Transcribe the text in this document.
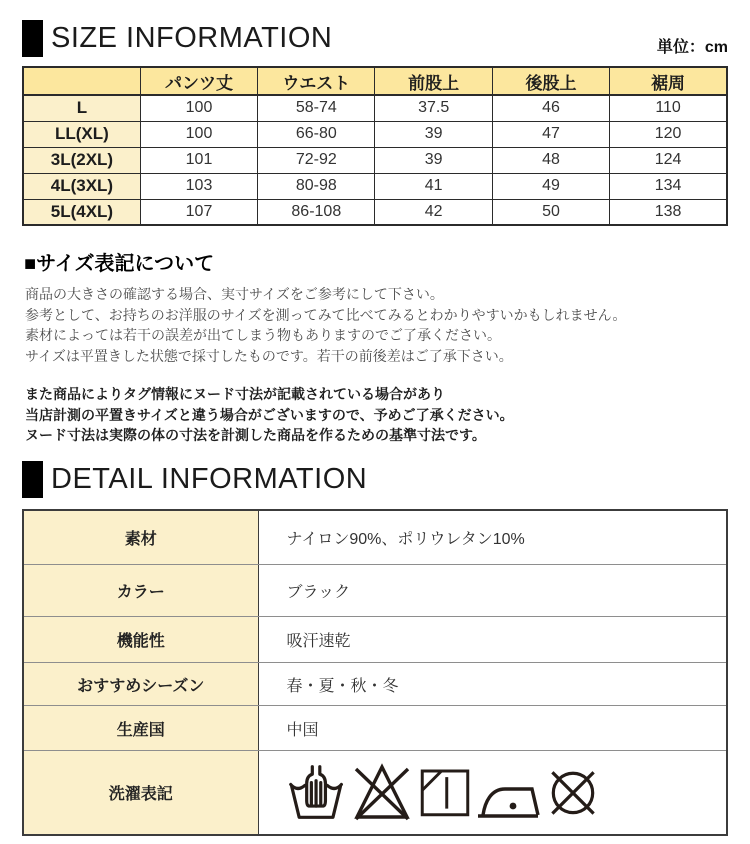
SIZE INFORMATION	単位：cm
	パンツ丈	ウエスト	前股上	後股上	裾周
L	100	58-74	37.5	46	110
LL(XL)	100	66-80	39	47	120
3L(2XL)	101	72-92	39	48	124
4L(3XL)	103	80-98	41	49	134
5L(4XL)	107	86-108	42	50	138
■サイズ表記について
商品の大きさの確認する場合、実寸サイズをご参考にして下さい。
参考として、お持ちのお洋服のサイズを測ってみて比べてみるとわかりやすいかもしれません。
素材によっては若干の誤差が出てしまう物もありますのでご了承ください。
サイズは平置きした状態で採寸したものです。若干の前後差はご了承下さい。
また商品によりタグ情報にヌード寸法が記載されている場合があり
当店計測の平置きサイズと違う場合がございますので、予めご了承ください。
ヌード寸法は実際の体の寸法を計測した商品を作るための基準寸法です。
DETAIL INFORMATION
素材	ナイロン90%、ポリウレタン10%
カラー	ブラック
機能性	吸汗速乾
おすすめシーズン	春・夏・秋・冬
生産国	中国
洗濯表記	
